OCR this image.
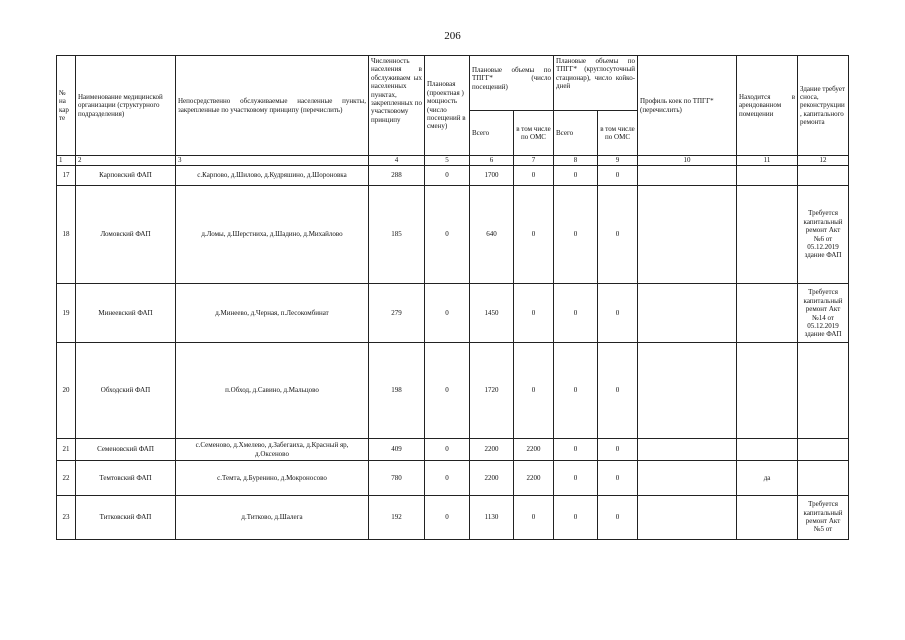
206
№ на кар те	Наименование медицинской организации (структурного подразделения)	Непосредственно обслуживаемые населенные пункты, закрепленные по участковому принципу (перечислить)	Численность населения в обслуживаем ых населенных пунктах, закрепленных по участковому принципу	Плановая (проектная ) мощность (число посещений в смену)	Плановые объемы по ТПГГ* (число посещений)		Плановые объемы по ТПГГ* (круглосуточный стационар), число койко-дней		Профиль коек по ТПГГ* (перечислить)	Находится в арендованном помещении	Здание требует сноса, реконструкции , капитального ремонта
					Всего	в том числе по ОМС	Всего	в том числе по ОМС			
1	2	3	4	5	6	7	8	9	10	11	12
17	Карповский ФАП	с.Карпово, д.Шилово, д.Кудряшино, д.Шороновка	288	0	1700	0	0	0			
18	Ломовский ФАП	д.Ломы, д.Шерстниха, д.Шадино, д.Михайлово	185	0	640	0	0	0			Требуется капитальный ремонт Акт №6 от 05.12.2019 здание ФАП
19	Минеевский ФАП	д.Минеево, д.Черная, п.Лесокомбинат	279	0	1450	0	0	0			Требуется капитальный ремонт Акт №14 от 05.12.2019 здание ФАП
20	Обходский ФАП	п.Обход, д.Савино, д.Мальцово	198	0	1720	0	0	0			
21	Семеновский ФАП	с.Семеново, д.Хмелево, д.Забегаиха, д.Красный яр, д.Оксеново	409	0	2200	2200	0	0			
22	Темтовский ФАП	с.Темта, д.Буренино, д.Мокроносово	780	0	2200	2200	0	0		да	
23	Титковский ФАП	д.Титково, д.Шалега	192	0	1130	0	0	0			Требуется капитальный ремонт Акт №5 от
